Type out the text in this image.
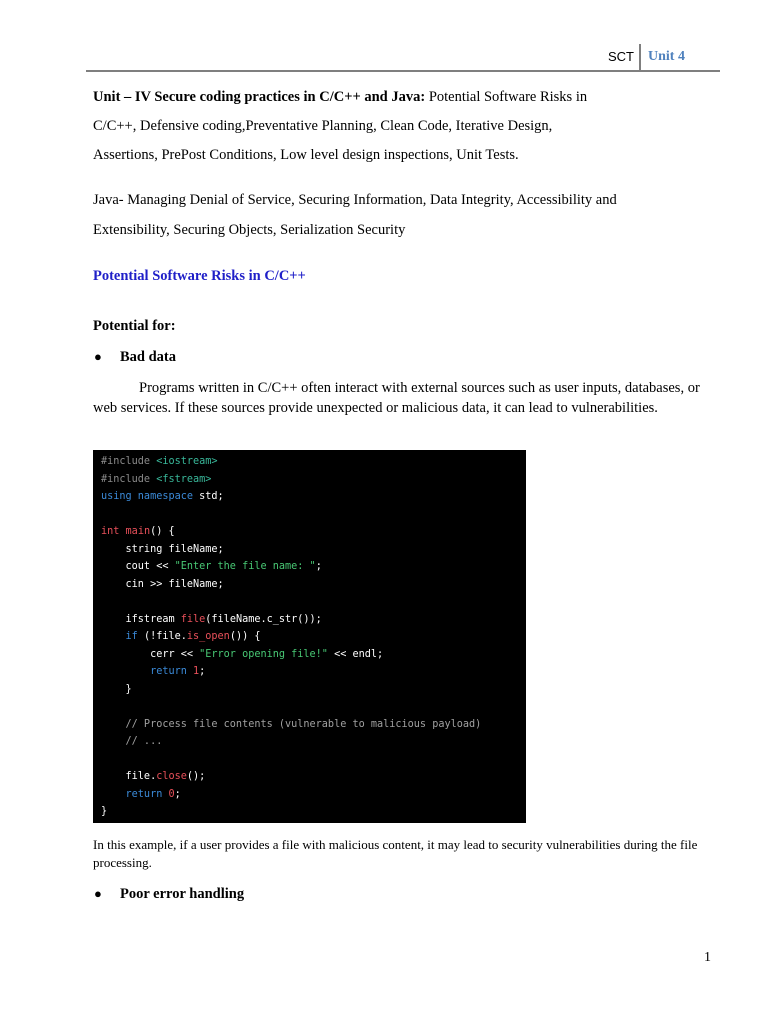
SCT Unit 4
Unit – IV Secure coding practices in C/C++ and Java: Potential Software Risks in
C/C++, Defensive coding,Preventative Planning, Clean Code, Iterative Design,
Assertions, PrePost Conditions, Low level design inspections, Unit Tests.
Java- Managing Denial of Service, Securing Information, Data Integrity, Accessibility and
Extensibility, Securing Objects, Serialization Security
Potential Software Risks in C/C++
Potential for:
● Bad data
Programs written in C/C++ often interact with external sources such as user inputs, databases, or web services. If these sources provide unexpected or malicious data, it can lead to vulnerabilities.
#include <iostream>
#include <fstream>
using namespace std;
int main() {
string fileName;
cout << "Enter the file name: ";
cin >> fileName;
ifstream file(fileName.c_str());
if (!file.is_open()) {
cerr << "Error opening file!" << endl;
return 1;
}
// Process file contents (vulnerable to malicious payload)
// ...
file.close();
return 0;
}
In this example, if a user provides a file with malicious content, it may lead to security vulnerabilities during the file processing.
● Poor error handling
1
